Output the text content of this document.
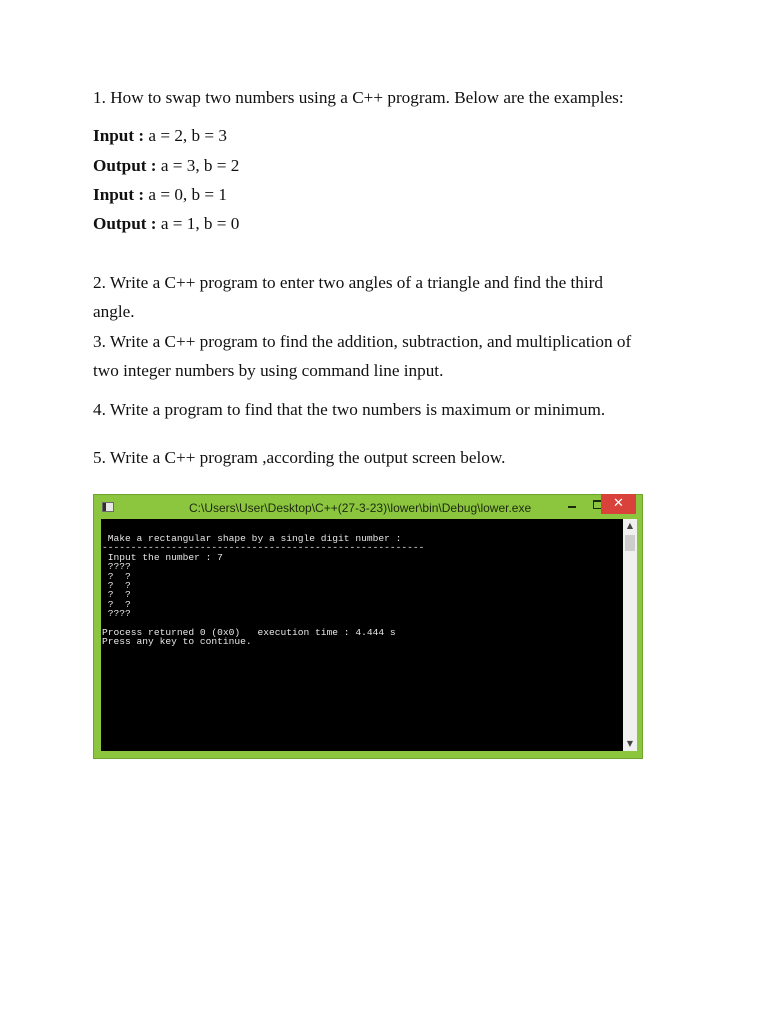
1. How to swap two numbers using a C++ program. Below are the examples:
Input : a = 2, b = 3
Output : a = 3, b = 2
Input : a = 0, b = 1
Output : a = 1, b = 0
2. Write a C++ program to enter two angles of a triangle and find the third
angle.
3. Write a C++ program to find the addition, subtraction, and multiplication of
two integer numbers by using command line input.
4. Write a program to find that the two numbers is maximum or minimum.
5. Write a C++ program ,according the output screen below.
C:\Users\User\Desktop\C++(27-3-23)\lower\bin\Debug\lower.exe	✕
Make a rectangular shape by a single digit number :
--------------------------------------------------------
Input the number : 7
????
?  ?
?  ?
?  ?
?  ?
????

Process returned 0 (0x0)   execution time : 4.444 s
Press any key to continue.
▲
▼
